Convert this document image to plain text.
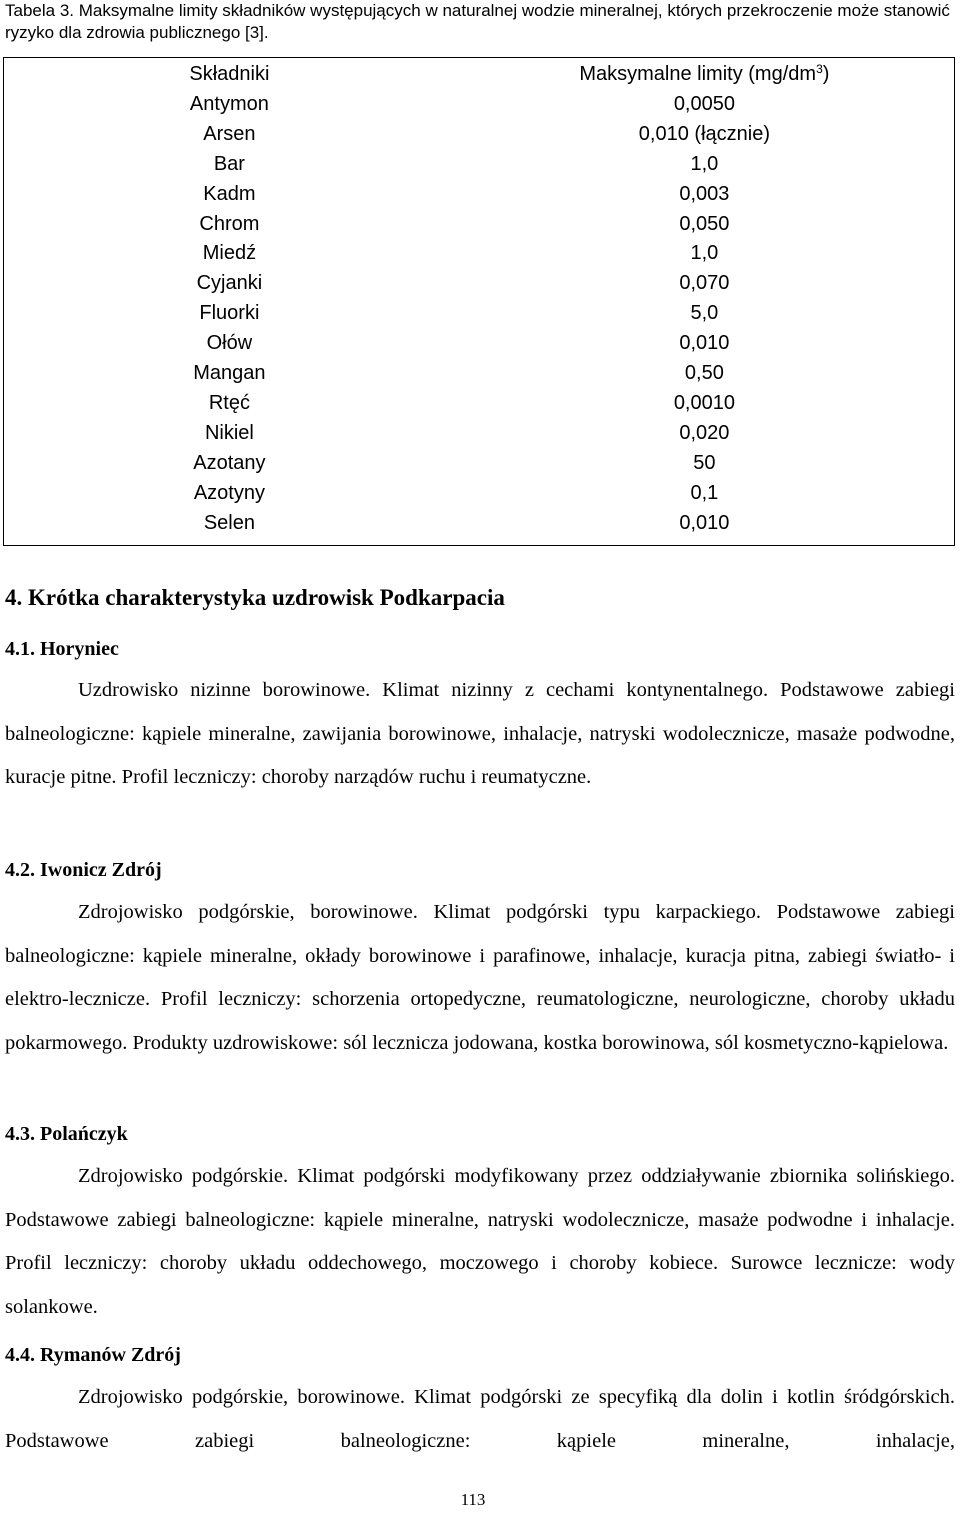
Tabela 3. Maksymalne limity składników występujących w naturalnej wodzie mineralnej, których przekroczenie może stanowić ryzyko dla zdrowia publicznego [3].

Składniki	Maksymalne limity $(mg/dm^3)$
Antymon	0,0050
Arsen	0,010 (łącznie)
Bar	1,0
Kadm	0,003
Chrom	0,050
Miedź	1,0
Cyjanki	0,070
Fluorki	5,0
Ołów	0,010
Mangan	0,50
Rtęć	0,0010
Nikiel	0,020
Azotany	50
Azotyny	0,1
Selen	0,010
4. Krótka charakterystyka uzdrowisk Podkarpacia
4.1. Horyniec

Uzdrowisko nizinne borowinowe. Klimat nizinny z cechami kontynentalnego. Podstawowe zabiegi balneologiczne: kąpiele mineralne, zawijania borowinowe, inhalacje, natryski wodolecznicze, masaże podwodne, kuracje pitne. Profil leczniczy: choroby narządów ruchu i reumatyczne.

4.2. Iwonicz Zdrój

Zdrojowisko podgórskie, borowinowe. Klimat podgórski typu karpackiego. Podstawowe zabiegi balneologiczne: kąpiele mineralne, okłady borowinowe i parafinowe, inhalacje, kuracja pitna, zabiegi światło- i elektro-lecznicze. Profil leczniczy: schorzenia ortopedyczne, reumatologiczne, neurologiczne, choroby układu pokarmowego. Produkty uzdrowiskowe: sól lecznicza jodowana, kostka borowinowa, sól kosmetyczno-kąpielowa.

4.3. Polańczyk

Zdrojowisko podgórskie. Klimat podgórski modyfikowany przez oddziaływanie zbiornika solińskiego. Podstawowe zabiegi balneologiczne: kąpiele mineralne, natryski wodolecznicze, masaże podwodne i inhalacje. Profil leczniczy: choroby układu oddechowego, moczowego i choroby kobiece. Surowce lecznicze: wody solankowe.

4.4. Rymanów Zdrój

Zdrojowisko podgórskie, borowinowe. Klimat podgórski ze specyfiką dla dolin i kotlin śródgórskich. Podstawowe zabiegi balneologiczne: kąpiele mineralne, inhalacje,

113
